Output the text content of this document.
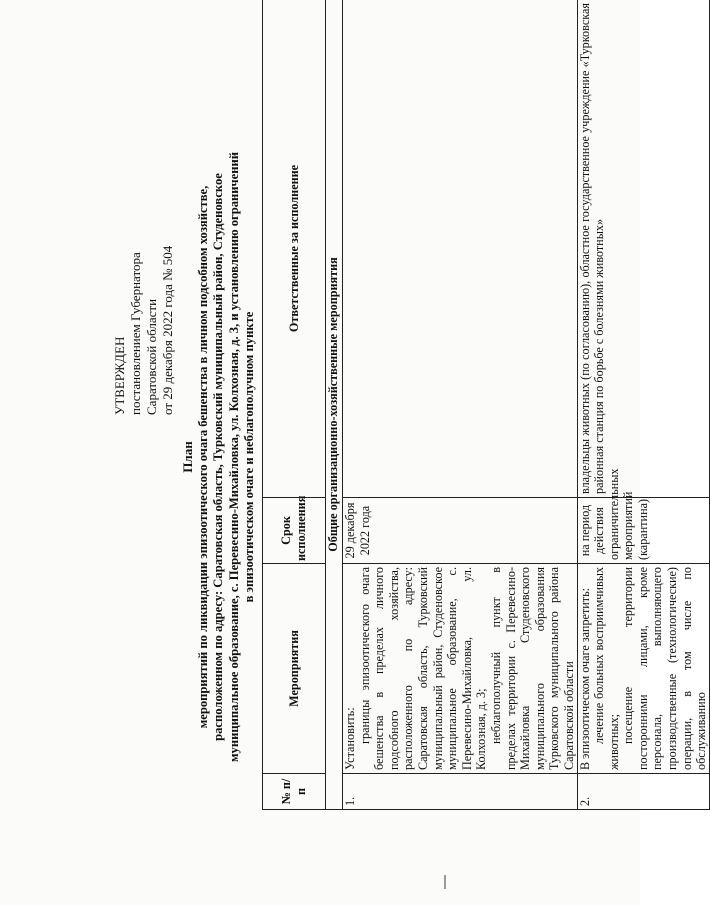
УТВЕРЖДЕН постановлением Губернатора Саратовской области от 29 декабря 2022 года № 504
План мероприятий по ликвидации эпизоотического очага бешенства в личном подсобном хозяйстве, расположенном по адресу: Саратовская область, Турковский муниципальный район, Студеновское муниципальное образование, с. Перевесино-Михайловка, ул. Колхозная, д. 3, и установлению ограничений в эпизоотическом очаге и неблагополучном пункте
№ п/п	Мероприятия	Срок исполнения	Ответственные за исполнение
Общие организационно-хозяйственные мероприятия			
1.	Установить: границы эпизоотического очага бешенства в пределах личного подсобного хозяйства, расположенного по адресу: Саратовская область, Турковский муниципальный район, Студеновское муниципальное образование, с. Перевесино-Михайловка, ул. Колхозная, д. 3; неблагополучный пункт в пределах территории с. Перевесино-Михайловка Студеновского муниципального образования Турковского муниципального района Саратовской области	29 декабря 2022 года	
2.	В эпизоотическом очаге запретить: лечение больных восприимчивых животных; посещение территории посторонними лицами, кроме персонала, выполняющего производственные (технологические) операции, в том числе по обслуживанию	на период действия ограничительных мероприятий (карантина)	владельцы животных (по согласованию), областное государственное учреждение «Турковская районная станция по борьбе с болезнями животных»
